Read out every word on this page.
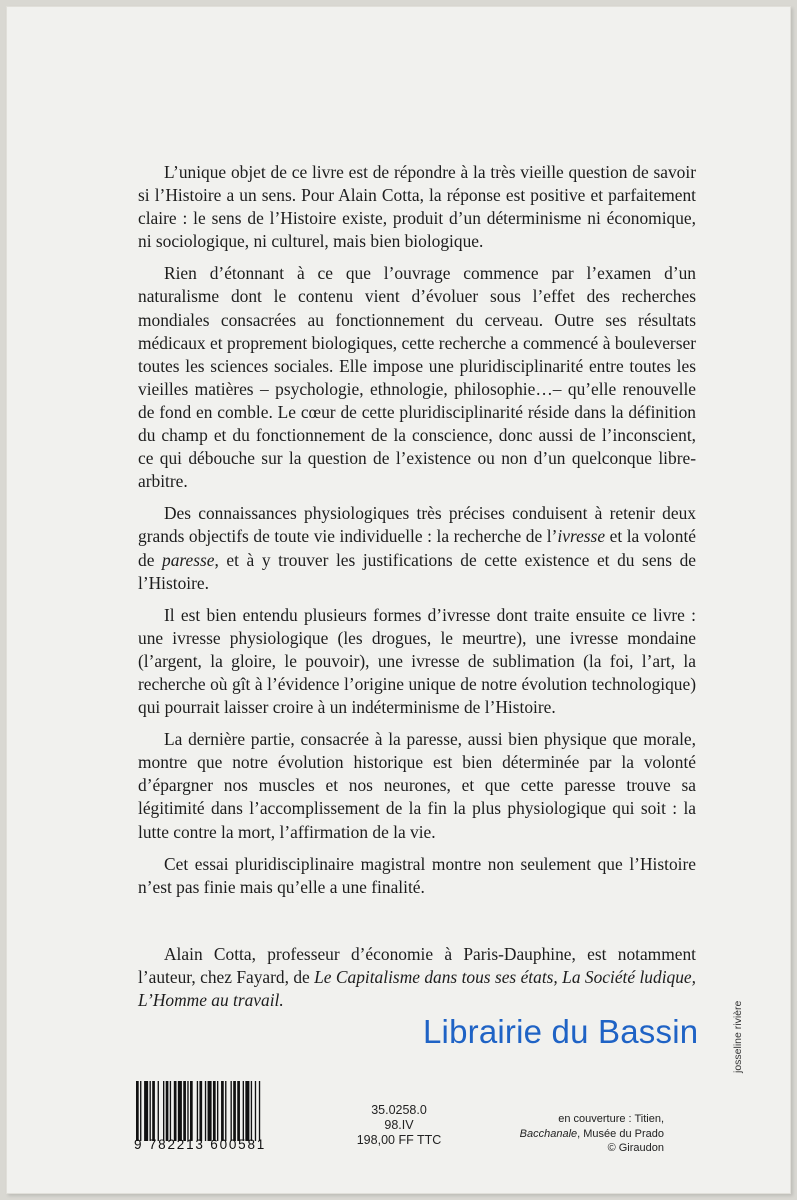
L’unique objet de ce livre est de répondre à la très vieille question de savoir si l’Histoire a un sens. Pour Alain Cotta, la réponse est positive et parfaitement claire : le sens de l’Histoire existe, produit d’un déterminisme ni économique, ni sociologique, ni culturel, mais bien biologique.

Rien d’étonnant à ce que l’ouvrage commence par l’examen d’un naturalisme dont le contenu vient d’évoluer sous l’effet des recherches mondiales consacrées au fonctionnement du cerveau. Outre ses résultats médicaux et proprement biologiques, cette recherche a commencé à bouleverser toutes les sciences sociales. Elle impose une pluridisciplinarité entre toutes les vieilles matières – psychologie, ethnologie, philosophie…– qu’elle renouvelle de fond en comble. Le cœur de cette pluridisciplinarité réside dans la définition du champ et du fonctionnement de la conscience, donc aussi de l’inconscient, ce qui débouche sur la question de l’existence ou non d’un quelconque libre-arbitre.

Des connaissances physiologiques très précises conduisent à retenir deux grands objectifs de toute vie individuelle : la recherche de l’ivresse et la volonté de paresse, et à y trouver les justifications de cette existence et du sens de l’Histoire.

Il est bien entendu plusieurs formes d’ivresse dont traite ensuite ce livre : une ivresse physiologique (les drogues, le meurtre), une ivresse mondaine (l’argent, la gloire, le pouvoir), une ivresse de sublimation (la foi, l’art, la recherche où gît à l’évidence l’origine unique de notre évolution technologique) qui pourrait laisser croire à un indéterminisme de l’Histoire.

La dernière partie, consacrée à la paresse, aussi bien physique que morale, montre que notre évolution historique est bien déterminée par la volonté d’épargner nos muscles et nos neurones, et que cette paresse trouve sa légitimité dans l’accomplissement de la fin la plus physiologique qui soit : la lutte contre la mort, l’affirmation de la vie.

Cet essai pluridisciplinaire magistral montre non seulement que l’Histoire n’est pas finie mais qu’elle a une finalité.

Alain Cotta, professeur d’économie à Paris-Dauphine, est notamment l’auteur, chez Fayard, de Le Capitalisme dans tous ses états, La Société ludique, L’Homme au travail.

Librairie du Bassin
9 782213 600581
35.0258.0
98.IV
198,00 FF TTC
en couverture : Titien,
Bacchanale, Musée du Prado
© Giraudon
josseline rivière
